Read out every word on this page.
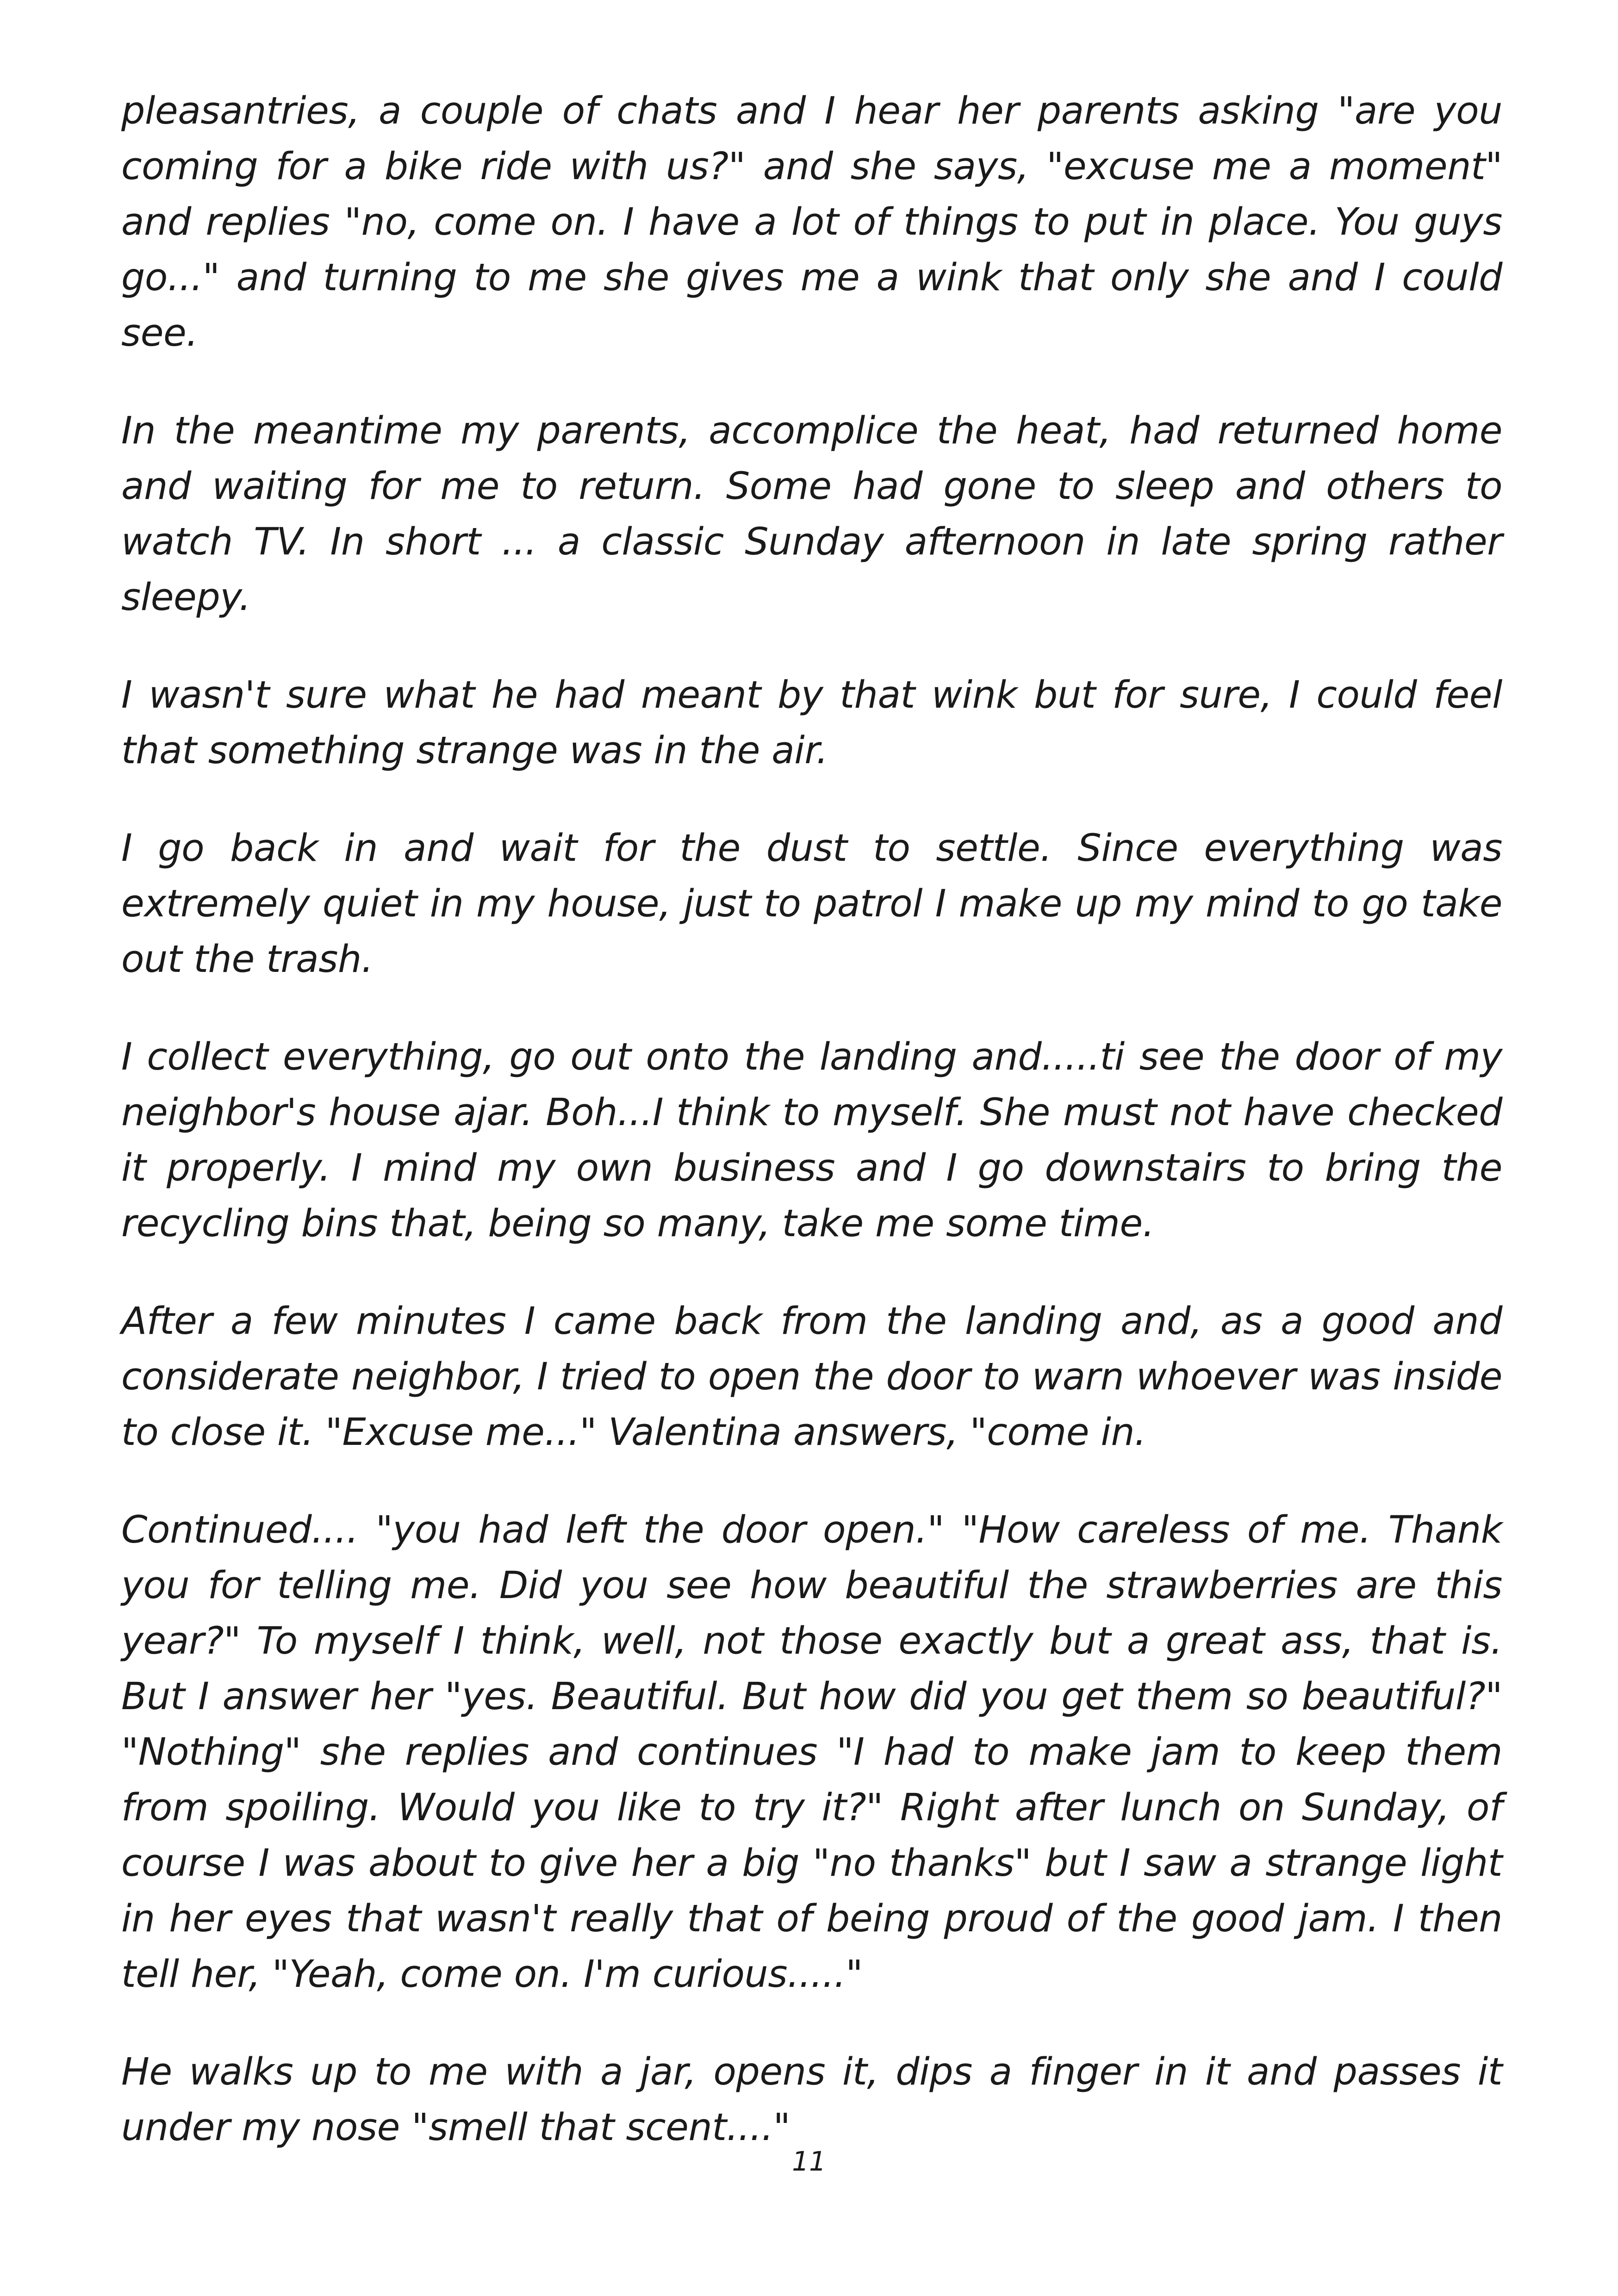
pleasantries, a couple of chats and I hear her parents asking "are you coming for a bike ride with us?" and she says, "excuse me a moment" and replies "no, come on. I have a lot of things to put in place. You guys go..." and turning to me she gives me a wink that only she and I could see.

In the meantime my parents, accomplice the heat, had returned home and waiting for me to return. Some had gone to sleep and others to watch TV. In short ... a classic Sunday afternoon in late spring rather sleepy.

I wasn't sure what he had meant by that wink but for sure, I could feel that something strange was in the air.

I go back in and wait for the dust to settle. Since everything was extremely quiet in my house, just to patrol I make up my mind to go take out the trash.

I collect everything, go out onto the landing and.....ti see the door of my neighbor's house ajar. Boh...I think to myself. She must not have checked it properly. I mind my own business and I go downstairs to bring the recycling bins that, being so many, take me some time.

After a few minutes I came back from the landing and, as a good and considerate neighbor, I tried to open the door to warn whoever was inside to close it. "Excuse me..." Valentina answers, "come in.

Continued.... "you had left the door open." "How careless of me. Thank you for telling me. Did you see how beautiful the strawberries are this year?" To myself I think, well, not those exactly but a great ass, that is. But I answer her "yes. Beautiful. But how did you get them so beautiful?" "Nothing" she replies and continues "I had to make jam to keep them from spoiling. Would you like to try it?" Right after lunch on Sunday, of course I was about to give her a big "no thanks" but I saw a strange light in her eyes that wasn't really that of being proud of the good jam. I then tell her, "Yeah, come on. I'm curious....."

He walks up to me with a jar, opens it, dips a finger in it and passes it under my nose "smell that scent...."

11
